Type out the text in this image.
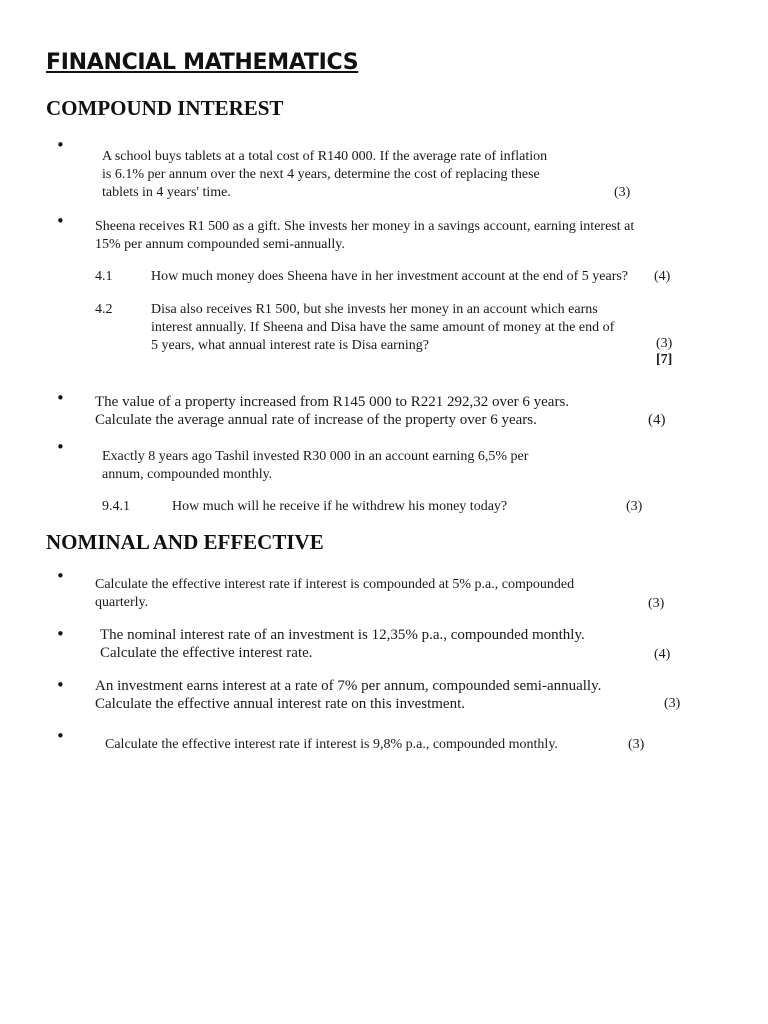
FINANCIAL MATHEMATICS
COMPOUND INTEREST
•
A school buys tablets at a total cost of R140 000. If the average rate of inflation
is 6.1% per annum over the next 4 years, determine the cost of replacing these
tablets in 4 years' time.	(3)
• Sheena receives R1 500 as a gift. She invests her money in a savings account, earning interest at
15% per annum compounded semi-annually.
4.1	How much money does Sheena have in her investment account at the end of 5 years? (4)
4.2	Disa also receives R1 500, but she invests her money in an account which earns
interest annually. If Sheena and Disa have the same amount of money at the end of
5 years, what annual interest rate is Disa earning?	(3)
[7]
• The value of a property increased from R145 000 to R221 292,32 over 6 years.
Calculate the average annual rate of increase of the property over 6 years.	(4)
•
Exactly 8 years ago Tashil invested R30 000 in an account earning 6,5% per
annum, compounded monthly.
9.4.1	How much will he receive if he withdrew his money today?	(3)
NOMINAL AND EFFECTIVE
• Calculate the effective interest rate if interest is compounded at 5% p.a., compounded
quarterly.	(3)
• The nominal interest rate of an investment is 12,35% p.a., compounded monthly.
Calculate the effective interest rate.	(4)
• An investment earns interest at a rate of 7% per annum, compounded semi-annually.
Calculate the effective annual interest rate on this investment.	(3)
•	Calculate the effective interest rate if interest is 9,8% p.a., compounded monthly.	(3)
